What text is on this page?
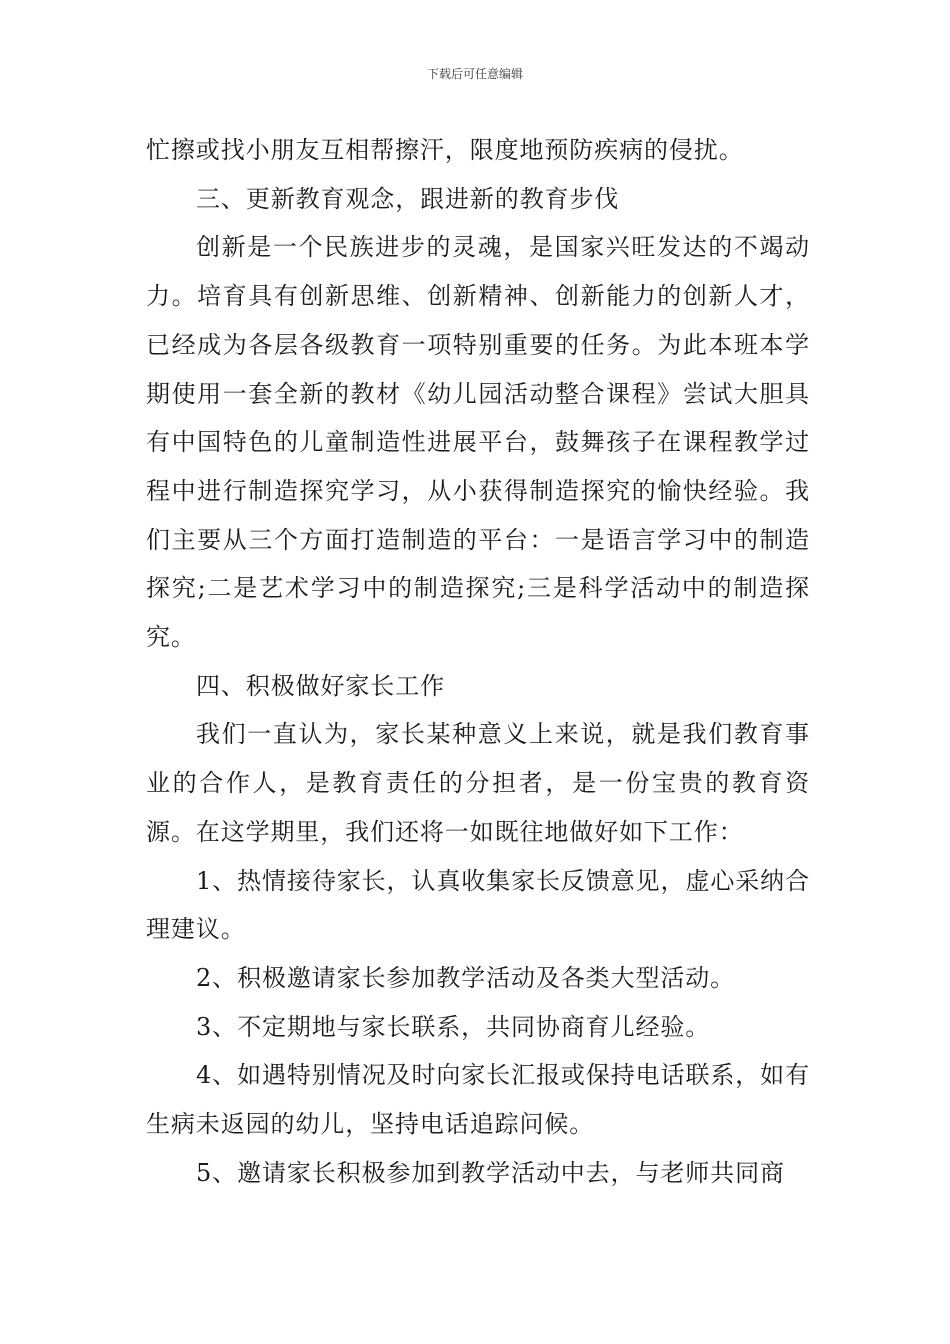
下载后可任意编辑

忙擦或找小朋友互相帮擦汗，限度地预防疾病的侵扰。

三、更新教育观念，跟进新的教育步伐

创新是一个民族进步的灵魂，是国家兴旺发达的不竭动力。培育具有创新思维、创新精神、创新能力的创新人才，已经成为各层各级教育一项特别重要的任务。为此本班本学期使用一套全新的教材《幼儿园活动整合课程》尝试大胆具有中国特色的儿童制造性进展平台，鼓舞孩子在课程教学过程中进行制造探究学习，从小获得制造探究的愉快经验。我们主要从三个方面打造制造的平台：一是语言学习中的制造探究;二是艺术学习中的制造探究;三是科学活动中的制造探究。

四、积极做好家长工作

我们一直认为，家长某种意义上来说，就是我们教育事业的合作人，是教育责任的分担者，是一份宝贵的教育资源。在这学期里，我们还将一如既往地做好如下工作：

1、热情接待家长，认真收集家长反馈意见，虚心采纳合理建议。

2、积极邀请家长参加教学活动及各类大型活动。

3、不定期地与家长联系，共同协商育儿经验。

4、如遇特别情况及时向家长汇报或保持电话联系，如有生病未返园的幼儿，坚持电话追踪问候。

5、邀请家长积极参加到教学活动中去，与老师共同商
